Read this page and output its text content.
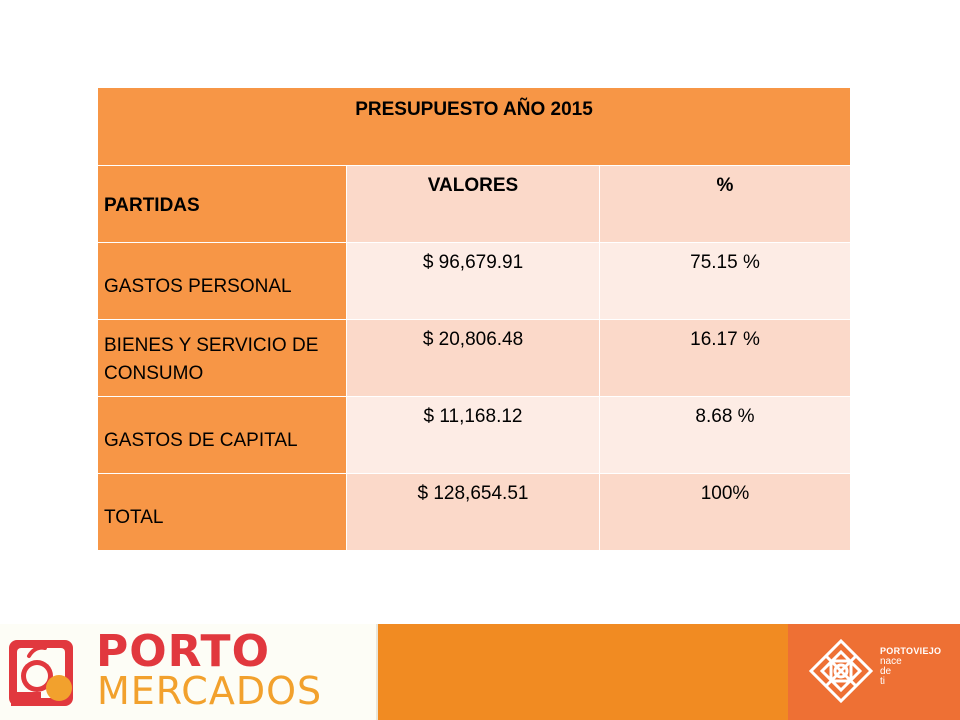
PRESUPUESTO AÑO 2015		
PARTIDAS	VALORES	%
GASTOS PERSONAL	$ 96,679.91	75.15 %
BIENES Y SERVICIO DE CONSUMO	$ 20,806.48	16.17 %
GASTOS DE CAPITAL	$ 11,168.12	8.68 %
TOTAL	$ 128,654.51	100%
PORTO
MERCADOS
PORTOVIEJO
nace
de
ti
